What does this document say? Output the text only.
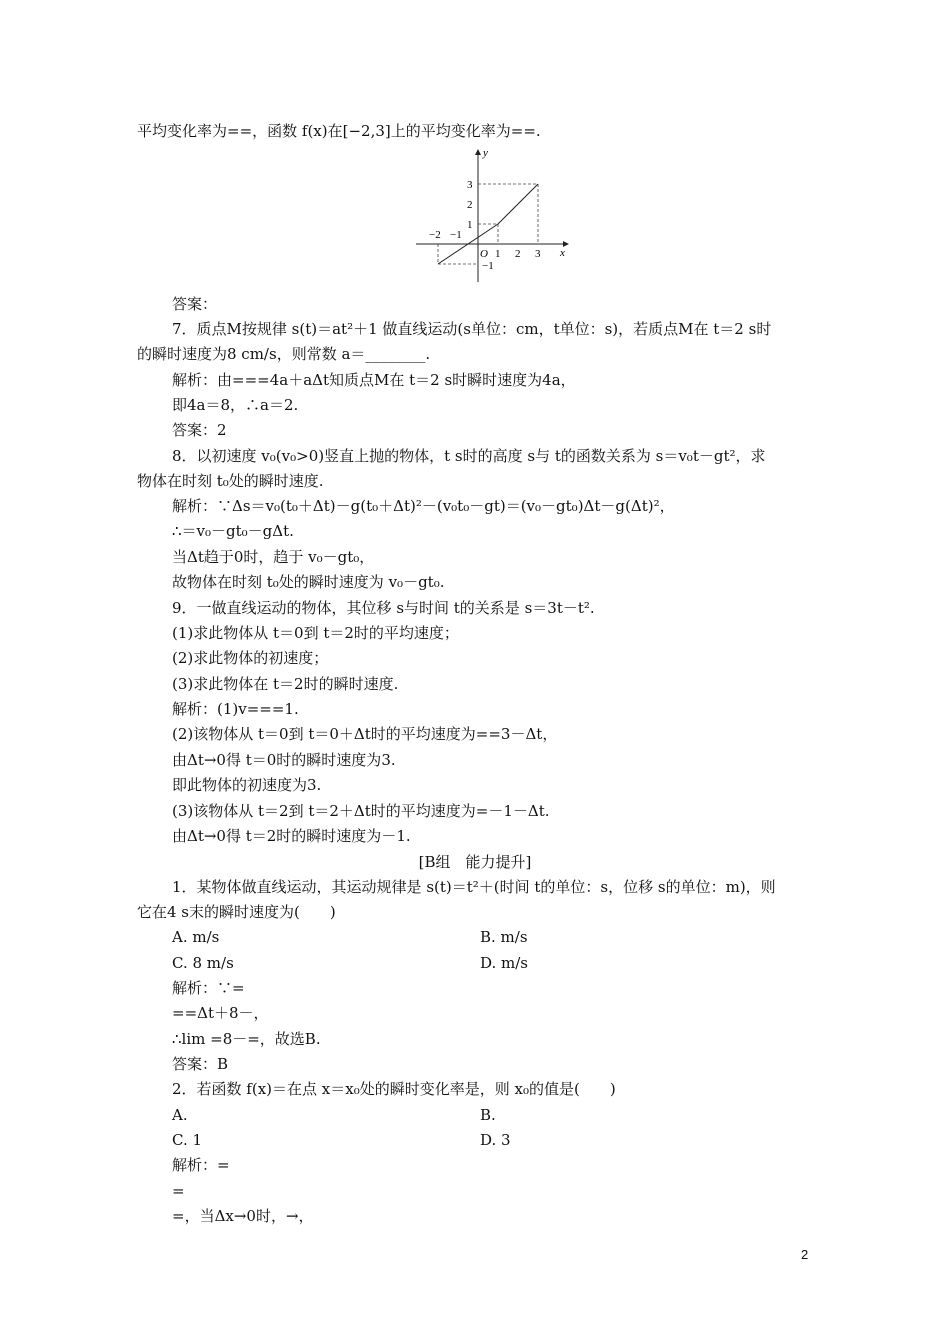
平均变化率为==，函数 f(x)在[−2,3]上的平均变化率为==.
答案：
7．质点M按规律 s(t)＝at²＋1 做直线运动(s单位：cm，t单位：s)，若质点M在 t＝2 s时
的瞬时速度为8 cm/s，则常数 a＝________.
解析：由===4a＋aΔt知质点M在 t＝2 s时瞬时速度为4a，
即4a＝8，∴a＝2.
答案：2
8．以初速度 v₀(v₀>0)竖直上抛的物体，t s时的高度 s与 t的函数关系为 s＝v₀t－gt²，求
物体在时刻 t₀处的瞬时速度.
解析：∵Δs＝v₀(t₀＋Δt)－g(t₀＋Δt)²－(v₀t₀－gt)＝(v₀－gt₀)Δt－g(Δt)²，
∴＝v₀－gt₀－gΔt.
当Δt趋于0时，趋于 v₀－gt₀，
故物体在时刻 t₀处的瞬时速度为 v₀－gt₀.
9．一做直线运动的物体，其位移 s与时间 t的关系是 s＝3t－t².
(1)求此物体从 t＝0到 t＝2时的平均速度；
(2)求此物体的初速度；
(3)求此物体在 t＝2时的瞬时速度.
解析：(1)v===1.
(2)该物体从 t＝0到 t＝0＋Δt时的平均速度为==3－Δt，
由Δt→0得 t＝0时的瞬时速度为3.
即此物体的初速度为3.
(3)该物体从 t＝2到 t＝2＋Δt时的平均速度为=－1－Δt.
由Δt→0得 t＝2时的瞬时速度为－1.
[B组　能力提升]
1．某物体做直线运动，其运动规律是 s(t)＝t²＋(时间 t的单位：s，位移 s的单位：m)，则
它在4 s末的瞬时速度为(　　)
A. m/s	B. m/s
C. 8 m/s	D. m/s
解析：∵=
==Δt＋8－，
∴lim =8－=，故选B.
答案：B
2．若函数 f(x)＝在点 x＝x₀处的瞬时变化率是，则 x₀的值是(　　)
A.	B.
C. 1	D. 3
解析：=
=
=，当Δx→0时，→，
y
x
O
−2 −1
1 2 3
3
2
1
−1
2
